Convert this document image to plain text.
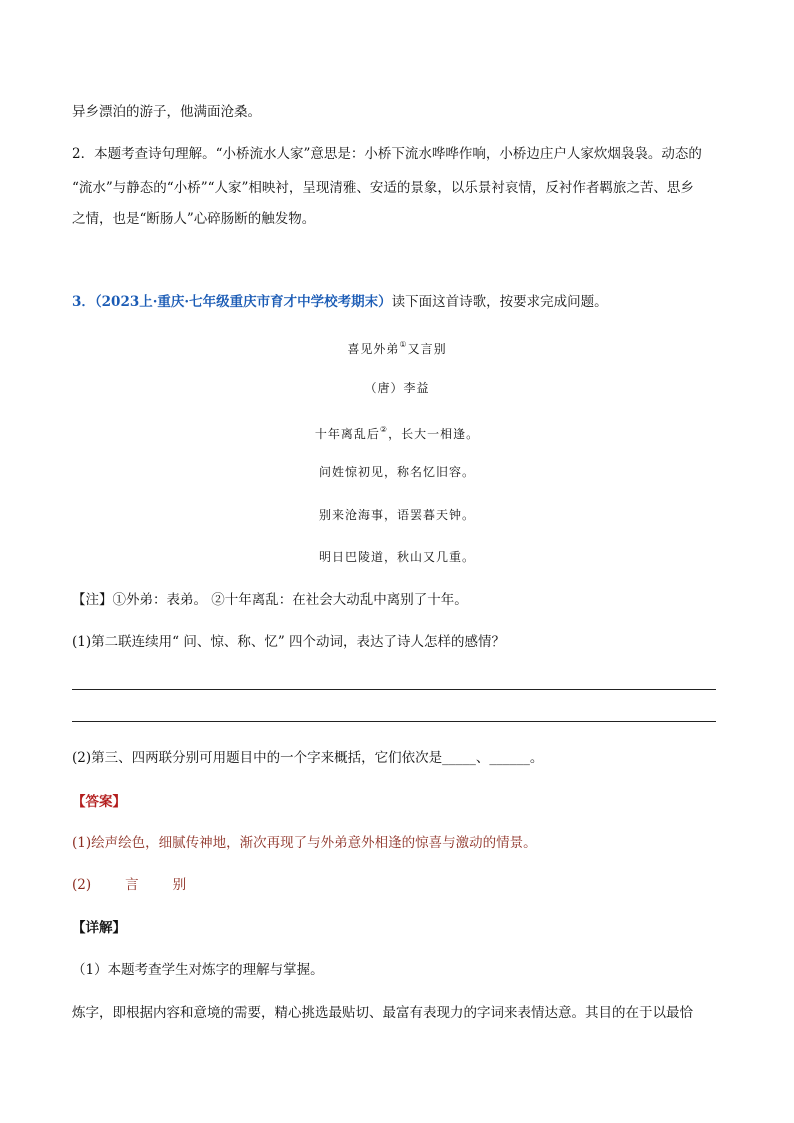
异乡漂泊的游子，他满面沧桑。
2．本题考查诗句理解。“小桥流水人家”意思是：小桥下流水哗哗作响，小桥边庄户人家炊烟袅袅。动态的
“流水”与静态的“小桥”“人家”相映衬，呈现清雅、安适的景象，以乐景衬哀情，反衬作者羁旅之苦、思乡
之情，也是“断肠人”心碎肠断的触发物。
3．（2023上·重庆·七年级重庆市育才中学校考期末）读下面这首诗歌，按要求完成问题。
喜见外弟①又言别
（唐）李益
十年离乱后②，长大一相逢。
问姓惊初见，称名忆旧容。
别来沧海事，语罢暮天钟。
明日巴陵道，秋山又几重。
【注】①外弟：表弟。 ②十年离乱：在社会大动乱中离别了十年。
(1)第二联连续用“ 问、惊、称、忆” 四个动词，表达了诗人怎样的感情？
(2)第三、四两联分别可用题目中的一个字来概括，它们依次是_____、______。
【答案】
(1)绘声绘色，细腻传神地，渐次再现了与外弟意外相逢的惊喜与激动的情景。
(2)	言	别
【详解】
（1）本题考查学生对炼字的理解与掌握。
炼字，即根据内容和意境的需要，精心挑选最贴切、最富有表现力的字词来表情达意。其目的在于以最恰
